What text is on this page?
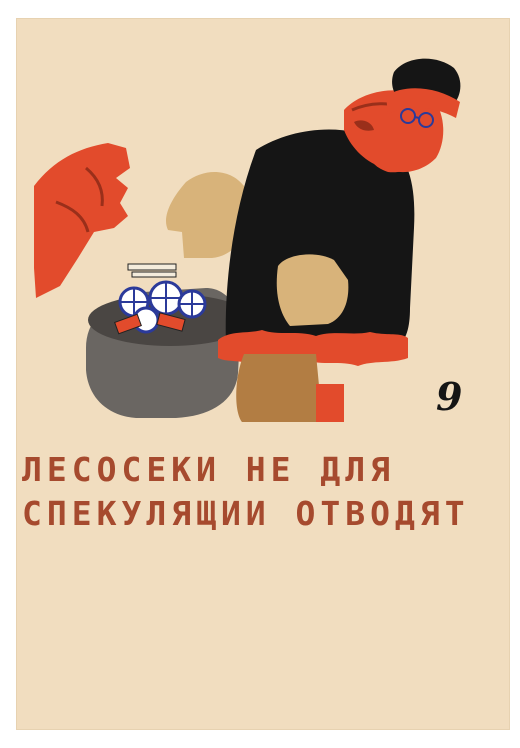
9
ЛЕСОСЕКИ НЕ ДЛЯ
СПЕКУЛЯЩИИ ОТВОДЯТ
